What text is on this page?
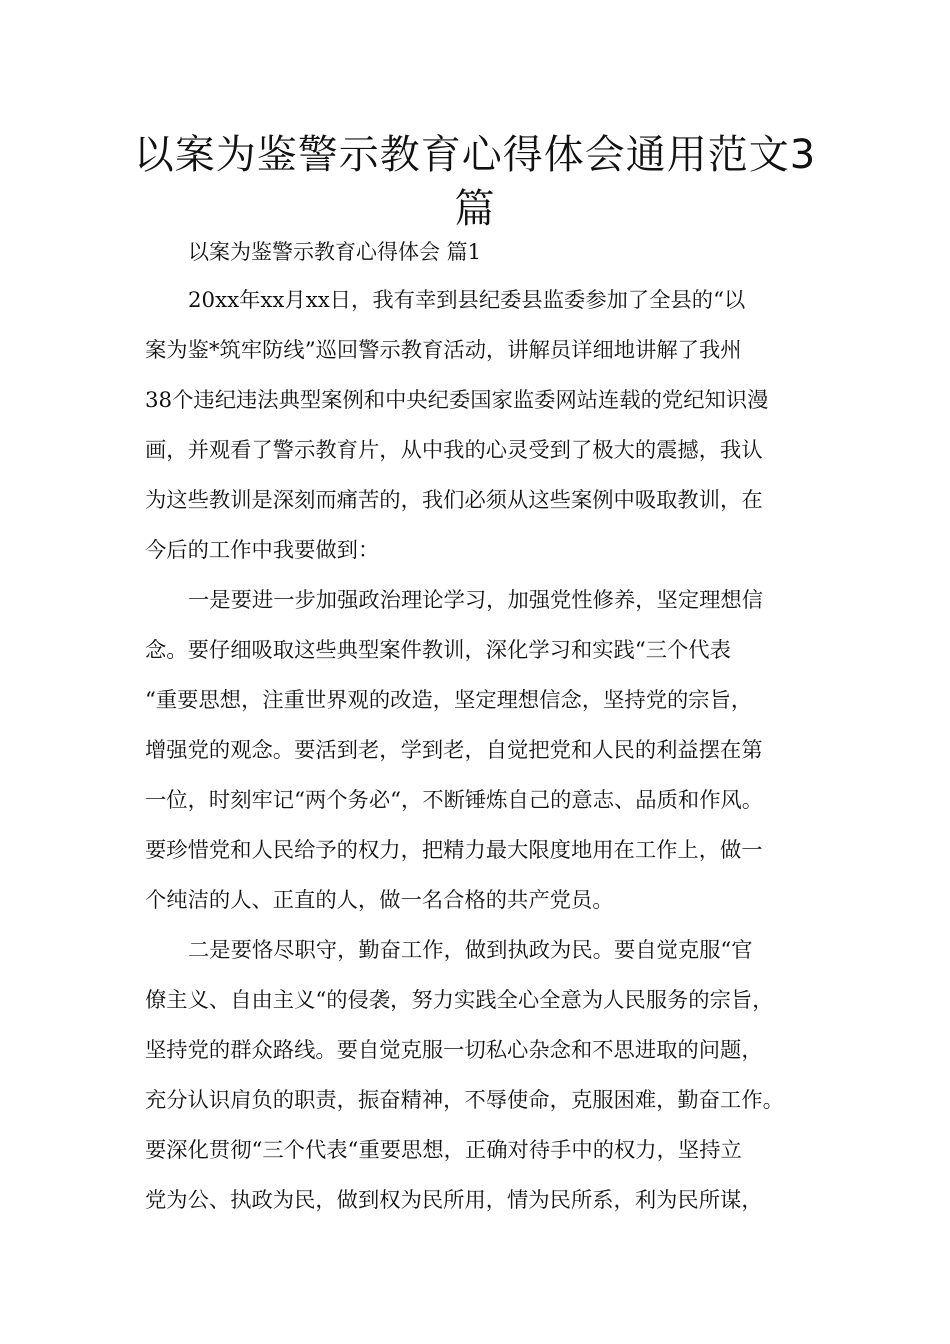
以案为鉴警示教育心得体会通用范文3
篇

以案为鉴警示教育心得体会 篇1

20xx年xx月xx日，我有幸到县纪委县监委参加了全县的“以

案为鉴*筑牢防线”巡回警示教育活动，讲解员详细地讲解了我州

38个违纪违法典型案例和中央纪委国家监委网站连载的党纪知识漫

画，并观看了警示教育片，从中我的心灵受到了极大的震撼，我认

为这些教训是深刻而痛苦的，我们必须从这些案例中吸取教训，在

今后的工作中我要做到：

一是要进一步加强政治理论学习，加强党性修养，坚定理想信

念。要仔细吸取这些典型案件教训，深化学习和实践“三个代表

“重要思想，注重世界观的改造，坚定理想信念，坚持党的宗旨，

增强党的观念。要活到老，学到老，自觉把党和人民的利益摆在第

一位，时刻牢记“两个务必“，不断锤炼自己的意志、品质和作风。

要珍惜党和人民给予的权力，把精力最大限度地用在工作上，做一

个纯洁的人、正直的人，做一名合格的共产党员。

二是要恪尽职守，勤奋工作，做到执政为民。要自觉克服“官

僚主义、自由主义“的侵袭，努力实践全心全意为人民服务的宗旨，

坚持党的群众路线。要自觉克服一切私心杂念和不思进取的问题，

充分认识肩负的职责，振奋精神，不辱使命，克服困难，勤奋工作。

要深化贯彻“三个代表“重要思想，正确对待手中的权力，坚持立

党为公、执政为民，做到权为民所用，情为民所系，利为民所谋，
